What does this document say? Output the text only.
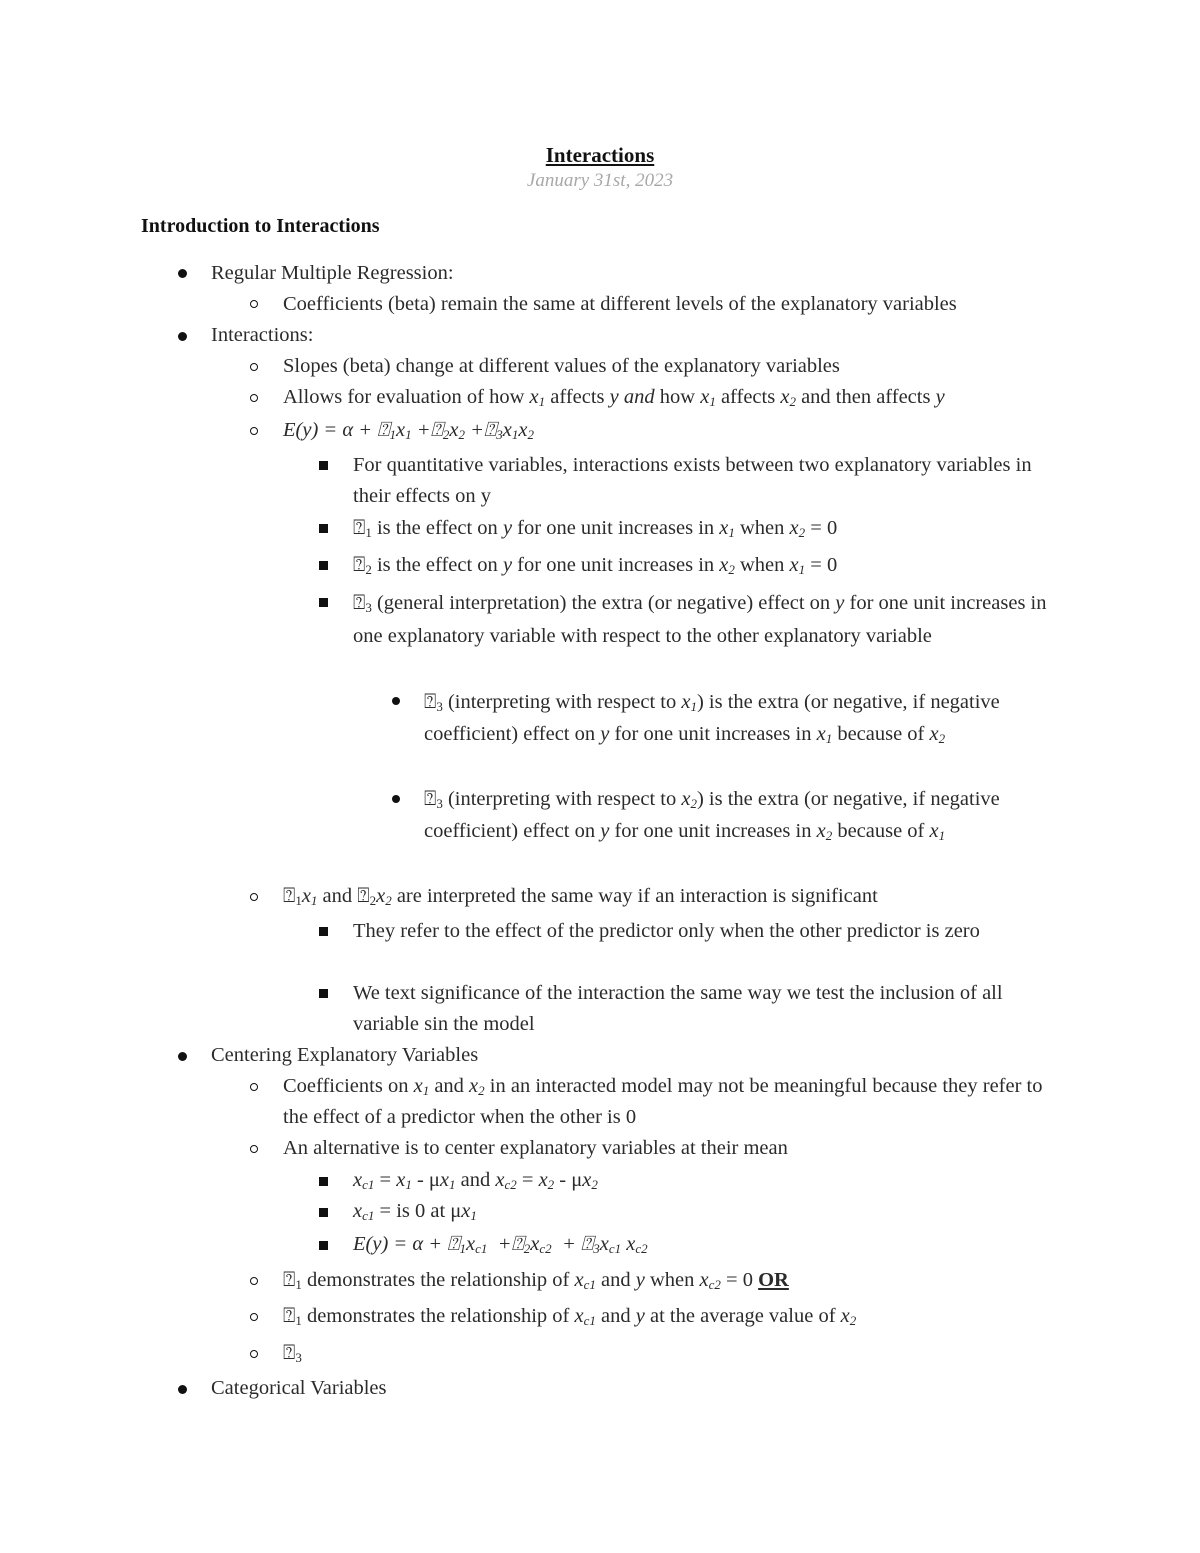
Interactions
January 31st, 2023
Introduction to Interactions
Regular Multiple Regression:
Coefficients (beta) remain the same at different levels of the explanatory variables
Interactions:
Slopes (beta) change at different values of the explanatory variables
Allows for evaluation of how $x_1$ affects y and how $x_1$ affects $x_2$ and then affects y
$E(y) = \alpha + ⍰_1x_1$ $+⍰_2x_2$ $+⍰_3x_1x_2$
For quantitative variables, interactions exists between two explanatory variables in their effects on y
$⍰_1$ is the effect on y for one unit increases in $x_1$ when $x_2 = 0$
$⍰_2$ is the effect on y for one unit increases in $x_2$ when $x_1 = 0$
$⍰_3$ (general interpretation) the extra (or negative) effect on y for one unit increases in one explanatory variable with respect to the other explanatory variable
$⍰_3$ (interpreting with respect to $x_1$) is the extra (or negative, if negative coefficient) effect on y for one unit increases in $x_1$ because of $x_2$
$⍰_3$ (interpreting with respect to $x_2$) is the extra (or negative, if negative coefficient) effect on y for one unit increases in $x_2$ because of $x_1$
$⍰_1x_1$ and $⍰_2x_2$ are interpreted the same way if an interaction is significant
They refer to the effect of the predictor only when the other predictor is zero
We text significance of the interaction the same way we test the inclusion of all variable sin the model
Centering Explanatory Variables
Coefficients on $x_1$ and $x_2$ in an interacted model may not be meaningful because they refer to the effect of a predictor when the other is 0
An alternative is to center explanatory variables at their mean
$x_{c1} = x_1 - \mu x_1$ and $x_{c2} = x_2 - \mu x_2$
$x_{c1}$ = is 0 at $\mu x_1$
$E(y) = \alpha + ⍰_1x_{c1}$  $+⍰_2x_{c2}$  + $⍰_3x_{c1}$ $x_{c2}$
$⍰_1$ demonstrates the relationship of $x_{c1}$ and y when $x_{c2} = 0$ OR
$⍰_1$ demonstrates the relationship of $x_{c1}$ and y at the average value of $x_2$
$⍰_3$
Categorical Variables
